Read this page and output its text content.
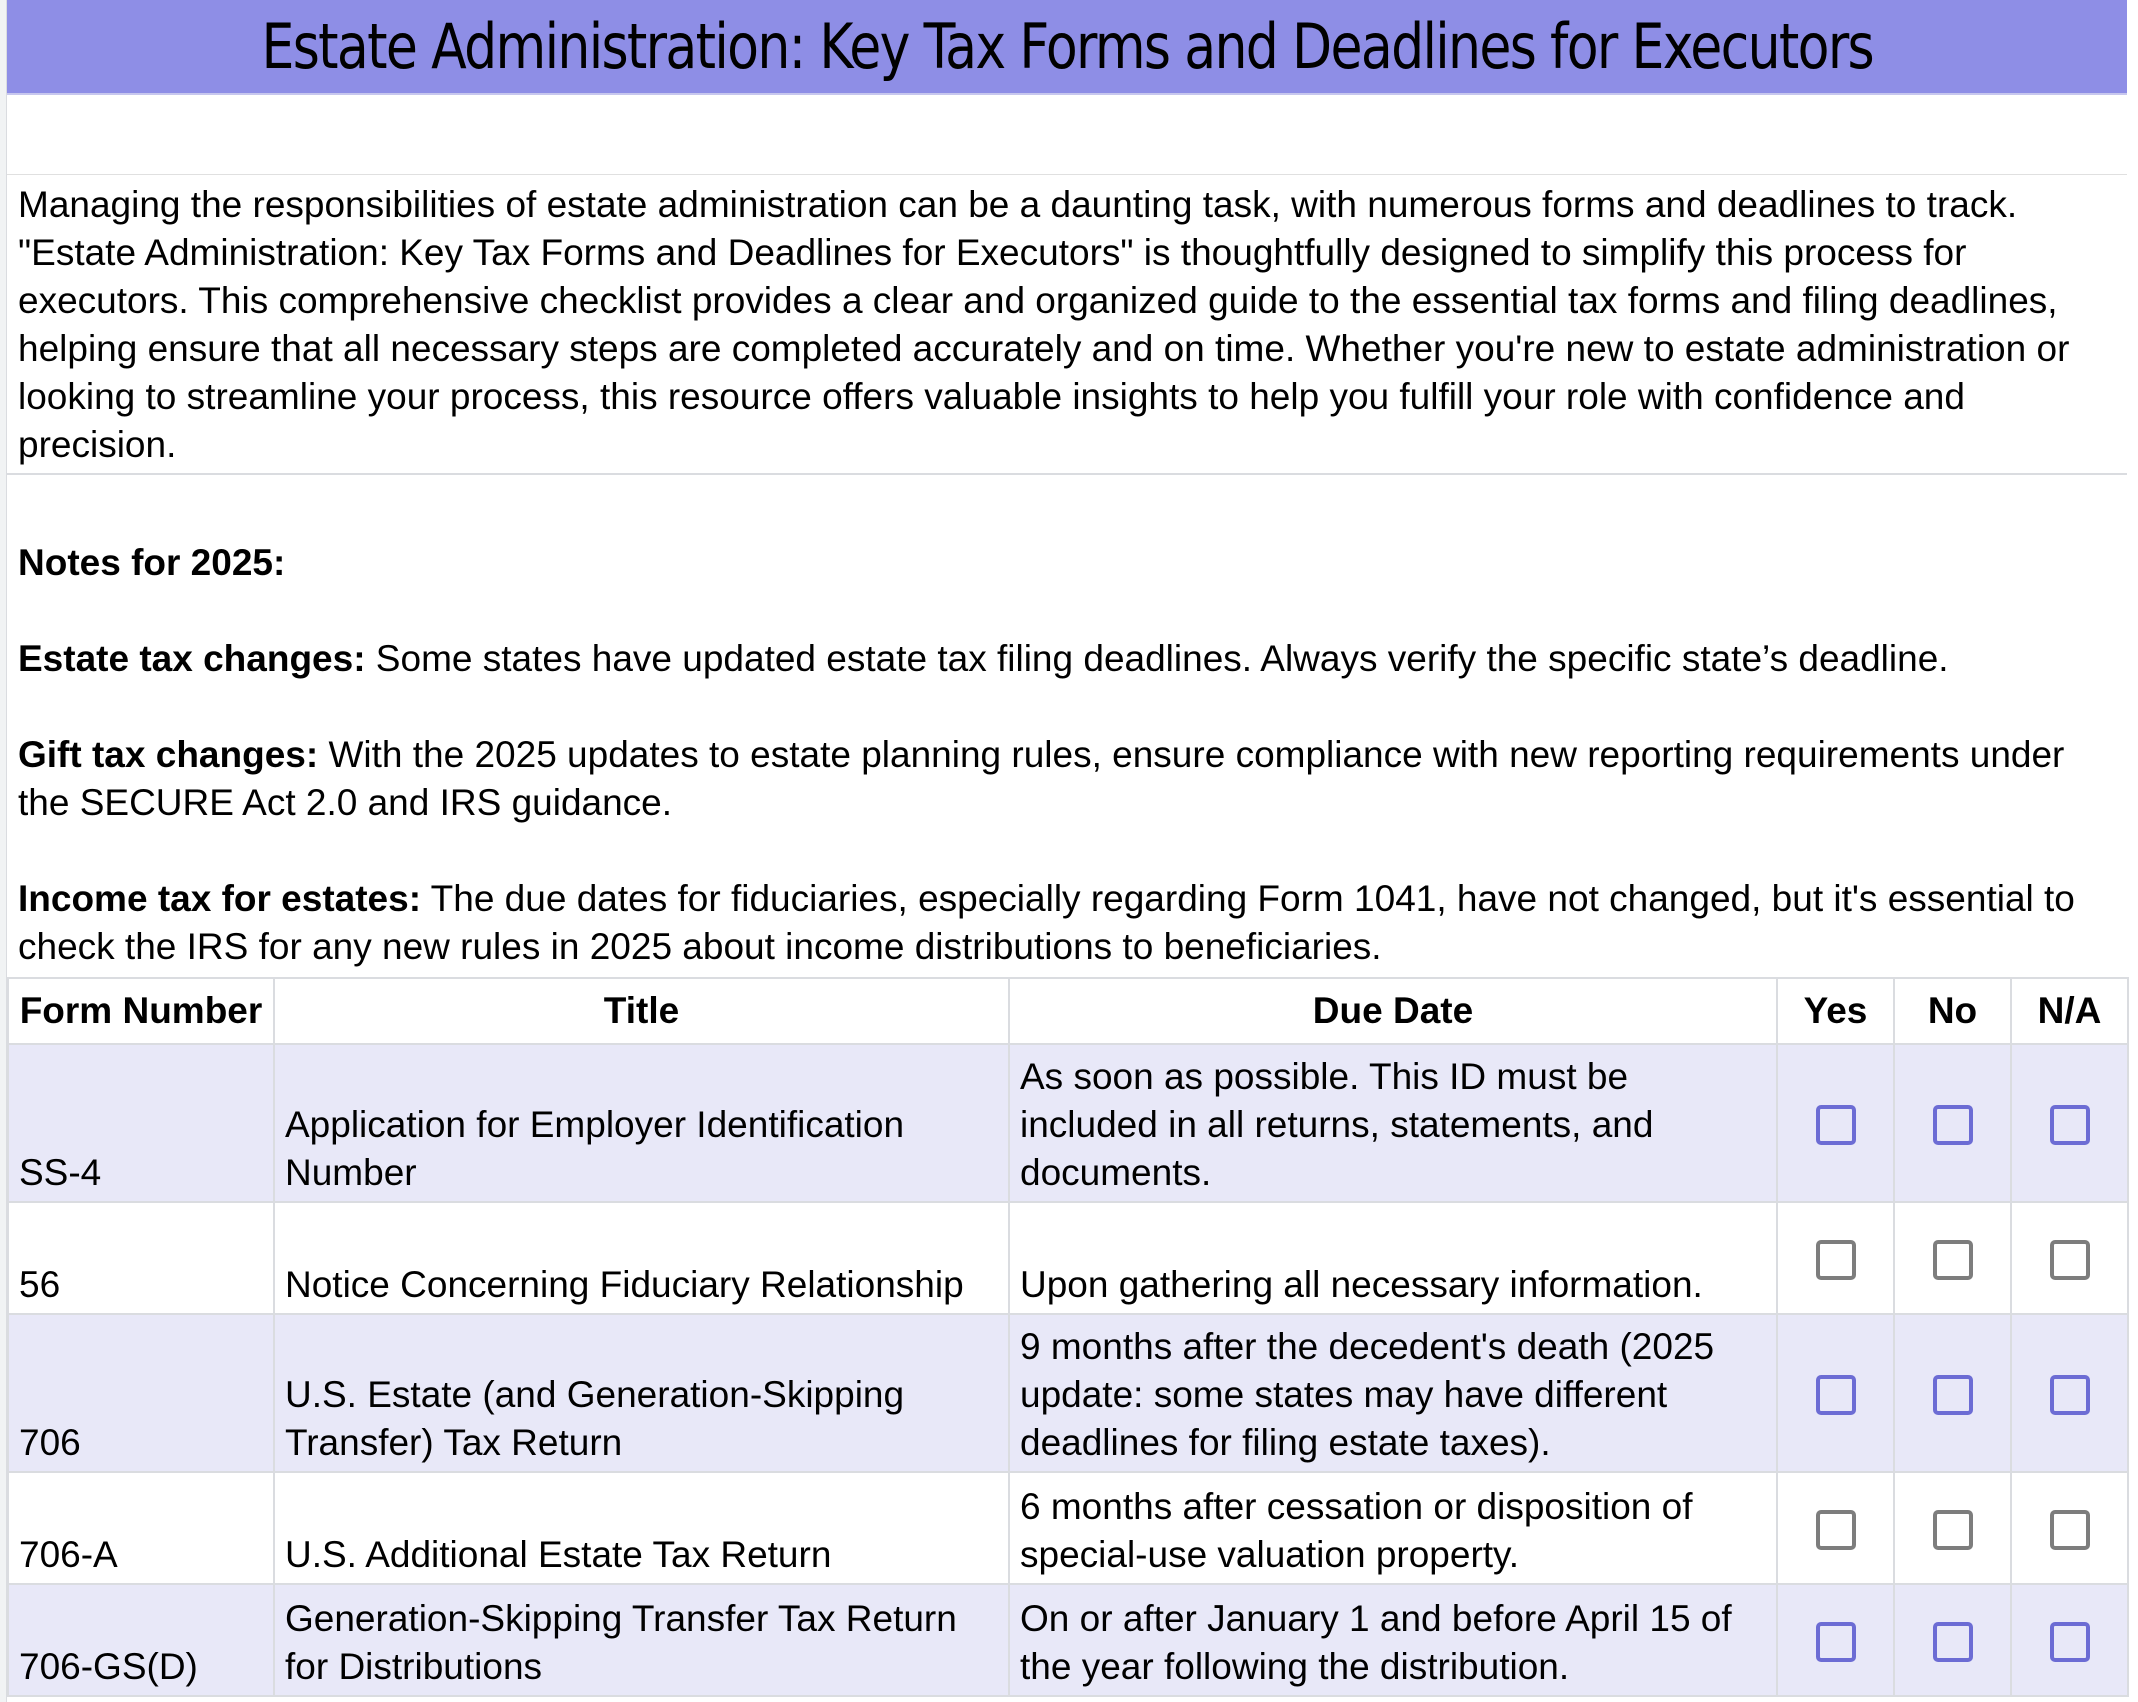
Estate Administration: Key Tax Forms and Deadlines for Executors
Managing the responsibilities of estate administration can be a daunting task, with numerous forms and deadlines to track. "Estate Administration: Key Tax Forms and Deadlines for Executors" is thoughtfully designed to simplify this process for executors. This comprehensive checklist provides a clear and organized guide to the essential tax forms and filing deadlines, helping ensure that all necessary steps are completed accurately and on time. Whether you're new to estate administration or looking to streamline your process, this resource offers valuable insights to help you fulfill your role with confidence and precision.

Notes for 2025:

Estate tax changes: Some states have updated estate tax filing deadlines. Always verify the specific state’s deadline.

Gift tax changes: With the 2025 updates to estate planning rules, ensure compliance with new reporting requirements under the SECURE Act 2.0 and IRS guidance.

Income tax for estates: The due dates for fiduciaries, especially regarding Form 1041, have not changed, but it's essential to check the IRS for any new rules in 2025 about income distributions to beneficiaries.

Form Number	Title	Due Date	Yes	No	N/A
SS-4	Application for Employer Identification Number	As soon as possible. This ID must be included in all returns, statements, and documents.			
56	Notice Concerning Fiduciary Relationship	Upon gathering all necessary information.			
706	U.S. Estate (and Generation-Skipping Transfer) Tax Return	9 months after the decedent's death (2025 update: some states may have different deadlines for filing estate taxes).			
706-A	U.S. Additional Estate Tax Return	6 months after cessation or disposition of special-use valuation property.			
706-GS(D)	Generation-Skipping Transfer Tax Return for Distributions	On or after January 1 and before April 15 of the year following the distribution.			
